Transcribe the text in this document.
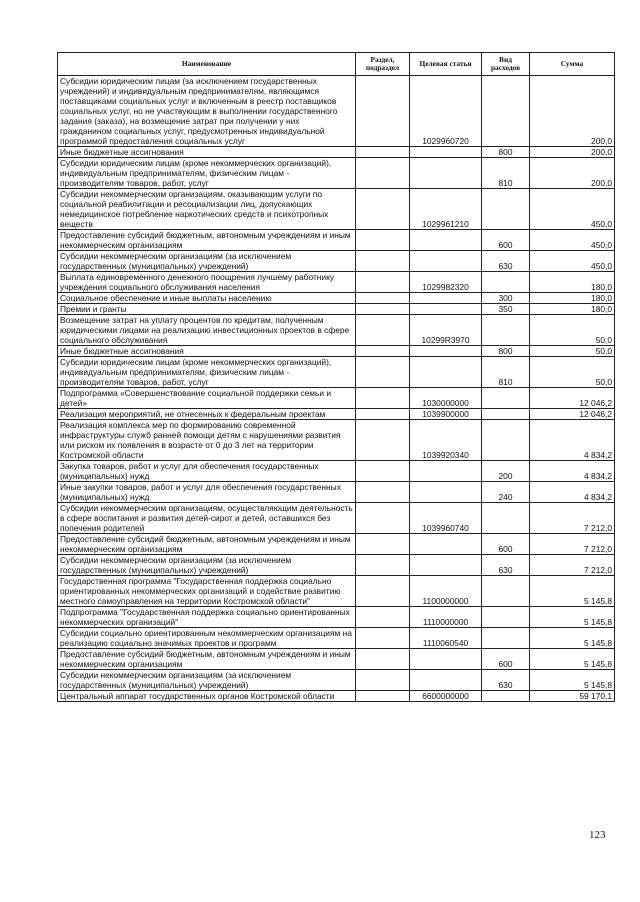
Наименование	Раздел, подраздел	Целевая статья	Вид расходов	Сумма
Субсидии юридическим лицам (за исключением государственных учреждений) и индивидуальным предпринимателям, являющимся поставщиками социальных услуг и включенным в реестр поставщиков социальных услуг, но не участвующим в выполнении государственного задания (заказа), на возмещение затрат при получении у них гражданином социальных услуг, предусмотренных индивидуальной программой предоставления социальных услуг		1029960720		200,0
Иные бюджетные ассигнования			800	200,0
Субсидии юридическим лицам (кроме некоммерческих организаций), индивидуальным предпринимателям, физическим лицам - производителям товаров, работ, услуг			810	200,0
Субсидии некоммерческим организациям, оказывающим услуги по социальной реабилитации и ресоциализации лиц, допускающих немедицинское потребление наркотических средств и психотропных веществ		1029961210		450,0
Предоставление субсидий бюджетным, автономным учреждениям и иным некоммерческим организациям			600	450,0
Субсидии некоммерческим организациям (за исключением государственных (муниципальных) учреждений)			630	450,0
Выплата единовременного денежного поощрения лучшему работнику учреждения социального обслуживания населения		1029982320		180,0
Социальное обеспечение и иные выплаты населению			300	180,0
Премии и гранты			350	180,0
Возмещение затрат на уплату процентов по кредитам, полученным юридическими лицами на реализацию инвестиционных проектов в сфере социального обслуживания		10299R3970		50,0
Иные бюджетные ассигнования			800	50,0
Субсидии юридическим лицам (кроме некоммерческих организаций), индивидуальным предпринимателям, физическим лицам - производителям товаров, работ, услуг			810	50,0
Подпрограмма «Совершенствование социальной поддержки семьи и детей»		1030000000		12 046,2
Реализация мероприятий, не отнесенных к федеральным проектам		1039900000		12 046,2
Реализация комплекса мер по формированию современной инфраструктуры служб ранней помощи детям с нарушениями развития или риском их появления в возрасте от 0 до 3 лет на территории Костромской области		1039920340		4 834,2
Закупка товаров, работ и услуг для обеспечения государственных (муниципальных) нужд			200	4 834,2
Иные закупки товаров, работ и услуг для обеспечения государственных (муниципальных) нужд			240	4 834,2
Субсидии некоммерческим организациям, осуществляющим деятельность в сфере воспитания и развития детей-сирот и детей, оставшихся без попечения родителей		1039960740		7 212,0
Предоставление субсидий бюджетным, автономным учреждениям и иным некоммерческим организациям			600	7 212,0
Субсидии некоммерческим организациям (за исключением государственных (муниципальных) учреждений)			630	7 212,0
Государственная программа "Государственная поддержка социально ориентированных некоммерческих организаций и содействие развитию местного самоуправления на территории Костромской области"		1100000000		5 145,8
Подпрограмма "Государственная поддержка социально ориентированных некоммерческих организаций"		1110000000		5 145,8
Субсидии социально ориентированным некоммерческим организациям на реализацию социально значимых проектов и программ		1110060540		5 145,8
Предоставление субсидий бюджетным, автономным учреждениям и иным некоммерческим организациям			600	5 145,8
Субсидии некоммерческим организациям (за исключением государственных (муниципальных) учреждений)			630	5 145,8
Центральный аппарат государственных органов Костромской области		6600000000		59 170,1
123
